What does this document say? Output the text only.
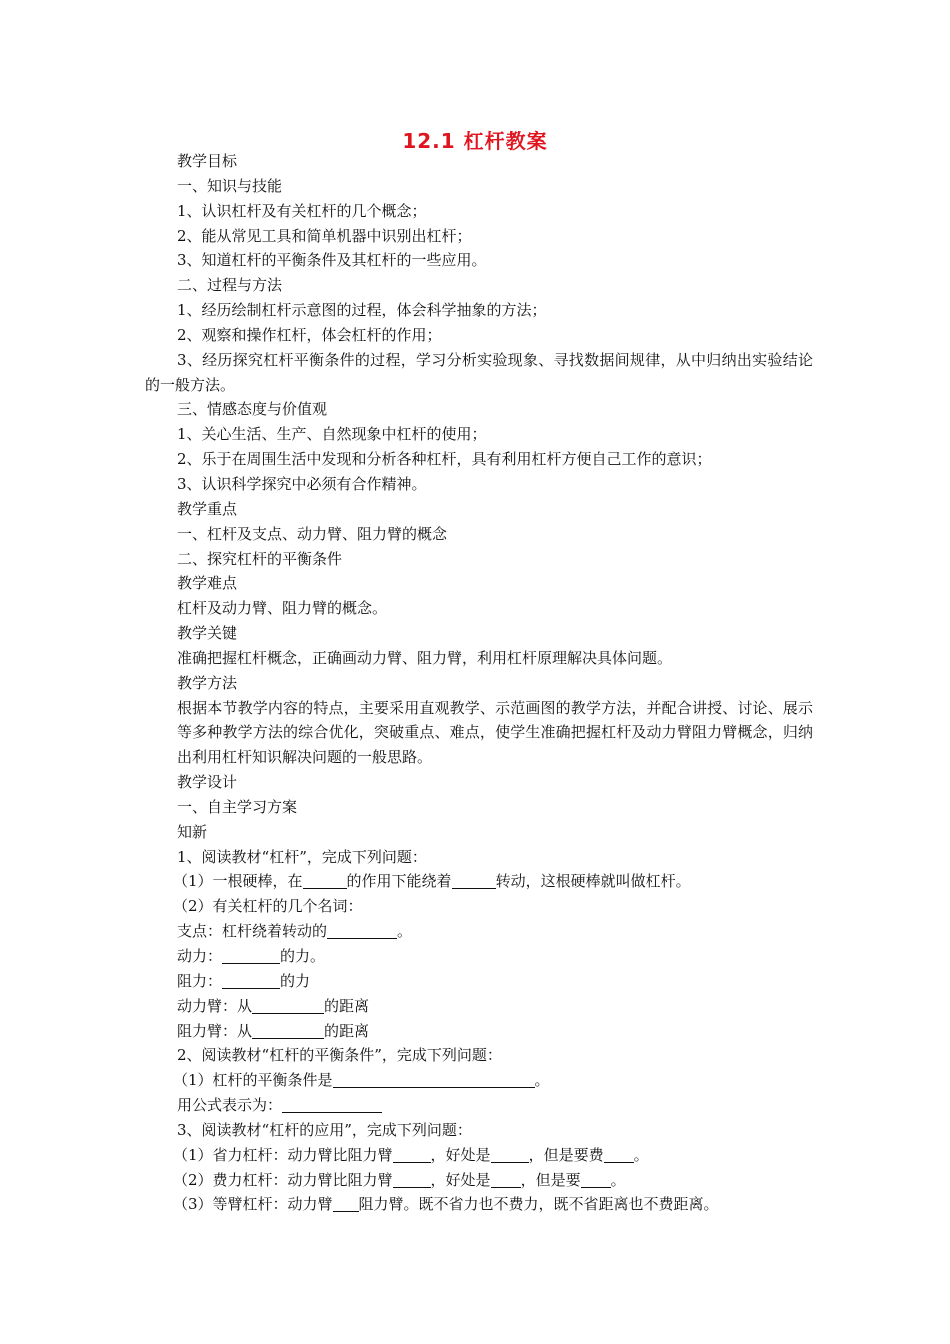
12.1 杠杆教案
教学目标
一、知识与技能
1、认识杠杆及有关杠杆的几个概念；
2、能从常见工具和简单机器中识别出杠杆；
3、知道杠杆的平衡条件及其杠杆的一些应用。
二、过程与方法
1、经历绘制杠杆示意图的过程，体会科学抽象的方法；
2、观察和操作杠杆，体会杠杆的作用；
3、经历探究杠杆平衡条件的过程，学习分析实验现象、寻找数据间规律，从中归纳出实验结论的一般方法。
三、情感态度与价值观
1、关心生活、生产、自然现象中杠杆的使用；
2、乐于在周围生活中发现和分析各种杠杆，具有利用杠杆方便自己工作的意识；
3、认识科学探究中必须有合作精神。
教学重点
一、杠杆及支点、动力臂、阻力臂的概念
二、探究杠杆的平衡条件
教学难点
杠杆及动力臂、阻力臂的概念。
教学关键
准确把握杠杆概念，正确画动力臂、阻力臂，利用杠杆原理解决具体问题。
教学方法
根据本节教学内容的特点，主要采用直观教学、示范画图的教学方法，并配合讲授、讨论、展示等多种教学方法的综合优化，突破重点、难点，使学生准确把握杠杆及动力臂阻力臂概念，归纳出利用杠杆知识解决问题的一般思路。
教学设计
一、自主学习方案
知新
1、阅读教材“杠杆”，完成下列问题：
（1）一根硬棒，在	的作用下能绕着	转动，这根硬棒就叫做杠杆。
（2）有关杠杆的几个名词：
支点：杠杆绕着转动的	。
动力：	的力。
阻力：	的力
动力臂：从	的距离
阻力臂：从	的距离
2、阅读教材“杠杆的平衡条件”，完成下列问题：
（1）杠杆的平衡条件是	。
用公式表示为：
3、阅读教材“杠杆的应用”，完成下列问题：
（1）省力杠杆：动力臂比阻力臂	，好处是	，但是要费 。
（2）费力杠杆：动力臂比阻力臂	，好处是 ，但是要 。
（3）等臂杠杆：动力臂 阻力臂。既不省力也不费力，既不省距离也不费距离。
